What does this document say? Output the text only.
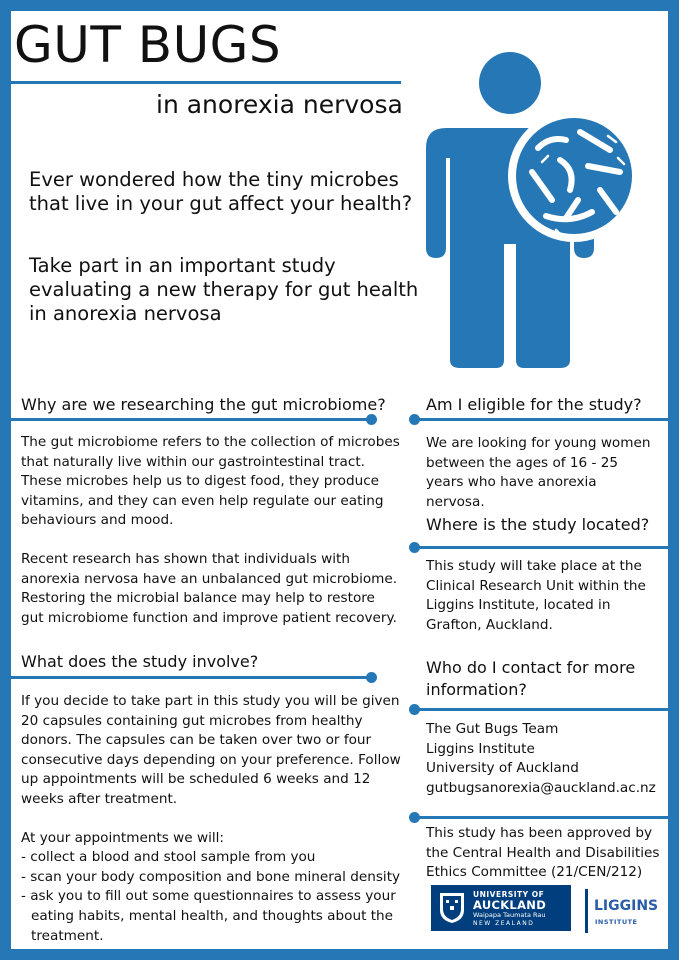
GUT BUGS
in anorexia nervosa
Ever wondered how the tiny microbes that live in your gut affect your health?
Take part in an important study evaluating a new therapy for gut health in anorexia nervosa
Why are we researching the gut microbiome?

The gut microbiome refers to the collection of microbes that naturally live within our gastrointestinal tract. These microbes help us to digest food, they produce vitamins, and they can even help regulate our eating behaviours and mood.

Recent research has shown that individuals with anorexia nervosa have an unbalanced gut microbiome. Restoring the microbial balance may help to restore gut microbiome function and improve patient recovery.

What does the study involve?

If you decide to take part in this study you will be given 20 capsules containing gut microbes from healthy donors. The capsules can be taken over two or four consecutive days depending on your preference. Follow up appointments will be scheduled 6 weeks and 12 weeks after treatment.

At your appointments we will:

- collect a blood and stool sample from you
- scan your body composition and bone mineral density
- ask you to fill out some questionnaires to assess your eating habits, mental health, and thoughts about the treatment.
Am I eligible for the study?
We are looking for young women between the ages of 16 - 25 years who have anorexia nervosa.
Where is the study located?
This study will take place at the Clinical Research Unit within the Liggins Institute, located in Grafton, Auckland.
Who do I contact for more information?
The Gut Bugs Team
Liggins Institute
University of Auckland
gutbugsanorexia@auckland.ac.nz
This study has been approved by the Central Health and Disabilities Ethics Committee (21/CEN/212)
UNIVERSITY OF
AUCKLAND
Waipapa Taumata Rau
NEW ZEALAND
LIGGINS
INSTITUTE
